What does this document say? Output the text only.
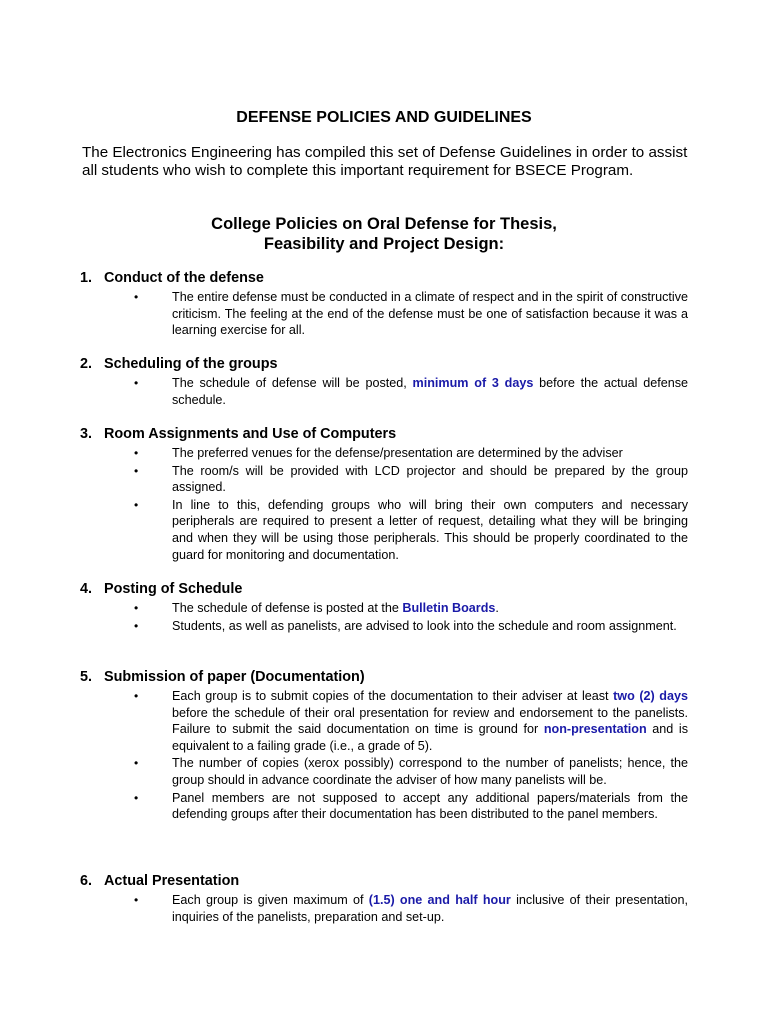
DEFENSE POLICIES AND GUIDELINES
The Electronics Engineering has compiled this set of Defense Guidelines in order to assist all students who wish to complete this important requirement for BSECE Program.
College Policies on Oral Defense for Thesis,
Feasibility and Project Design:
1. Conduct of the defense
•	The entire defense must be conducted in a climate of respect and in the spirit of constructive criticism. The feeling at the end of the defense must be one of satisfaction because it was a learning exercise for all.
2. Scheduling of the groups
•	The schedule of defense will be posted, minimum of 3 days before the actual defense schedule.
3. Room Assignments and Use of Computers
•	The preferred venues for the defense/presentation are determined by the adviser
•	The room/s will be provided with LCD projector and should be prepared by the group assigned.
•	In line to this, defending groups who will bring their own computers and necessary peripherals are required to present a letter of request, detailing what they will be bringing and when they will be using those peripherals. This should be properly coordinated to the guard for monitoring and documentation.
4. Posting of Schedule
•	The schedule of defense is posted at the Bulletin Boards.
•	Students, as well as panelists, are advised to look into the schedule and room assignment.
5. Submission of paper (Documentation)
•	Each group is to submit copies of the documentation to their adviser at least two (2) days before the schedule of their oral presentation for review and endorsement to the panelists. Failure to submit the said documentation on time is ground for non-presentation and is equivalent to a failing grade (i.e., a grade of 5).
•	The number of copies (xerox possibly) correspond to the number of panelists; hence, the group should in advance coordinate the adviser of how many panelists will be.
•	Panel members are not supposed to accept any additional papers/materials from the defending groups after their documentation has been distributed to the panel members.
6. Actual Presentation
•	Each group is given maximum of (1.5) one and half hour inclusive of their presentation, inquiries of the panelists, preparation and set-up.
